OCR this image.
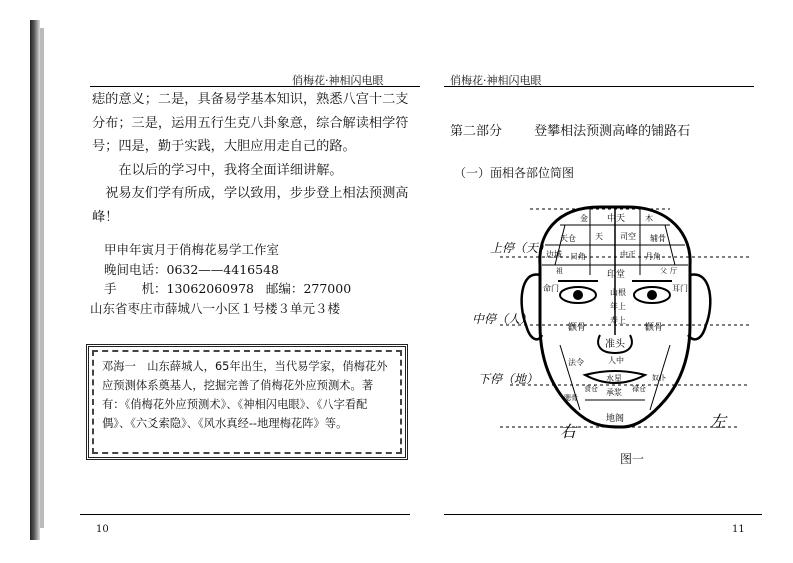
俏梅花·神相闪电眼

痣的意义；二是，具备易学基本知识，熟悉八宫十二支分布；三是，运用五行生克八卦象意，综合解读相学符号；四是，勤于实践，大胆应用走自己的路。

在以后的学习中，我将全面详细讲解。

祝易友们学有所成，学以致用，步步登上相法预测高峰！

甲申年寅月于俏梅花易学工作室
晚间电话：0632——4416548
手　　机：13062060978 邮编：277000
山东省枣庄市薛城八一小区１号楼３单元３楼
邓海一　山东薛城人，65年出生，当代易学家，俏梅花外应预测体系奠基人，挖掘完善了俏梅花外应预测术。著有：《俏梅花外应预测术》、《神相闪电眼》、《八字看配偶》、《六爻索隐》、《风水真经--地理梅花阵》等。
10
俏梅花·神相闪电眼
第二部分 登攀相法预测高峰的铺路石
（一）面相各部位简图
中天
司空
中正
印堂
山根
年上
寿上
准头
人中
水星
地阁
承浆
天仓
日角	月角
辅骨
边城
命门	耳门
颧骨	颧骨
法令
食仓	禄仓
奴仆
腮骨
金	木
祖	父
天
厅
上停（天）
中停（人）
下停（地）
右
左
图一
11
